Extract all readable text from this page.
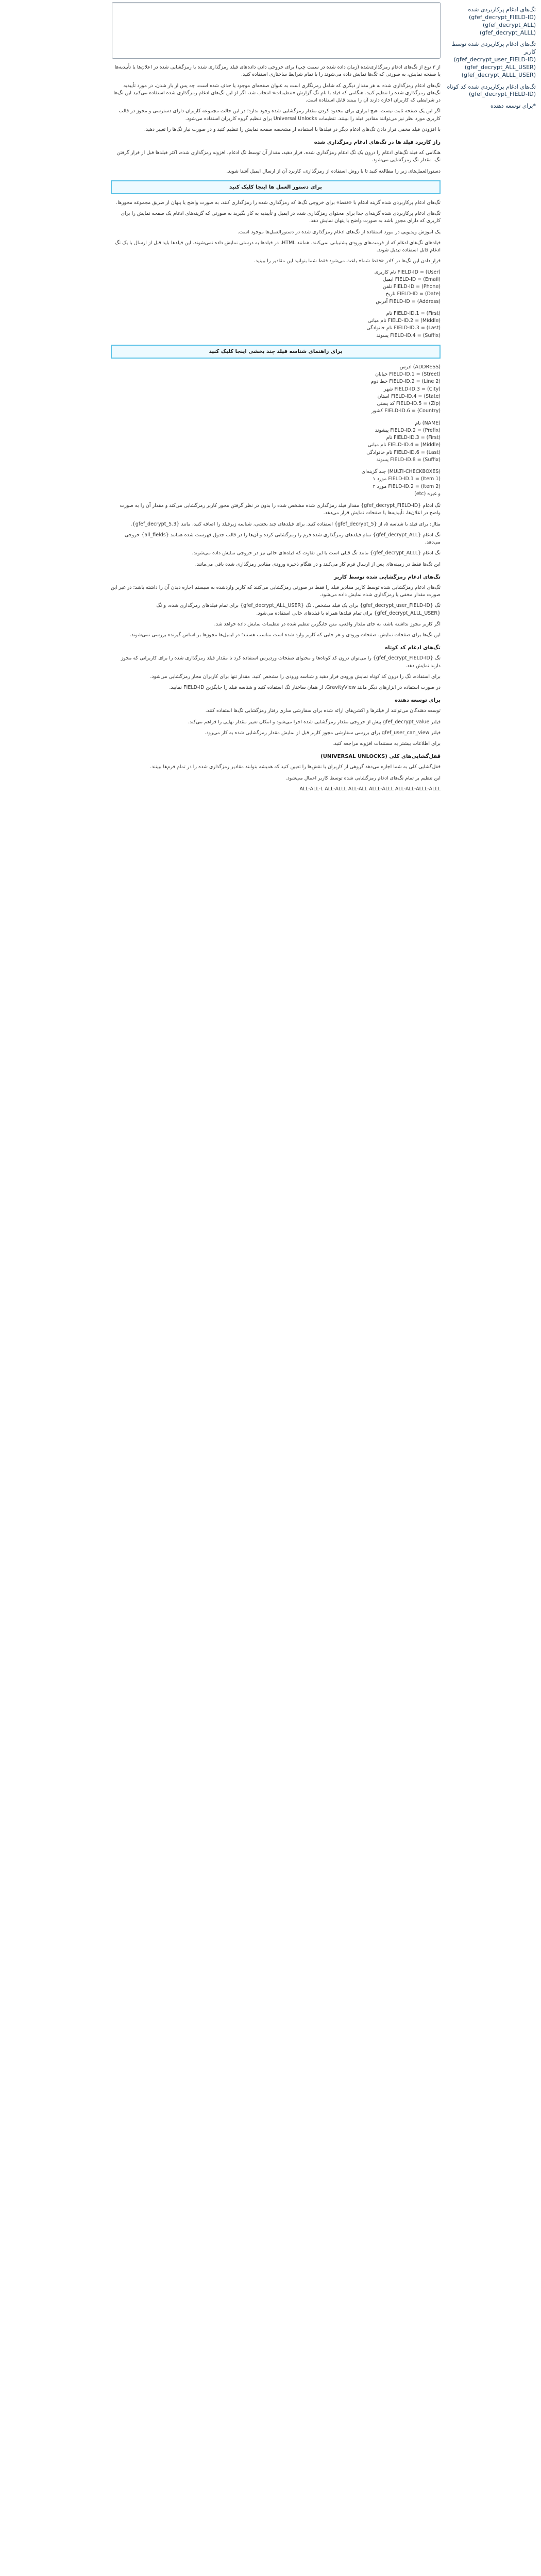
تگ‌های ادغام پرکاربردی شده
(gfef_decrypt_FIELD-ID) (gfef_decrypt_ALL) (gfef_decrypt_ALLL)
تگ‌های ادغام پرکاربردی شده توسط کاربر
(gfef_decrypt_user_FIELD-ID) (gfef_decrypt_ALL_USER) (gfef_decrypt_ALLL_USER)
تگ‌های ادغام پرکاربردی شده کد کوتاه
(gfef_decrypt_FIELD-ID)
*برای توسعه دهنده

از ۳ نوع از تگ‌های ادغام رمزگذاری‌شده (زمان داده شده در سمت چپ) برای خروجی دادن داده‌های فیلد رمزگذاری شده یا رمزگشایی شده در اعلان‌ها یا تأییدیه‌ها یا صفحه نمایش، به صورتی که تگ‌ها نمایش داده می‌شوند را با تمام شرایط ساختاری استفاده کنید.

تگ‌های ادغام رمزگذاری شده به هر مقدار دیگری که شامل رمزنگاری است به عنوان صفحه‌ای موجود یا حذف شده است، چه پس از باز شدن، در مورد تأییدیه تگ‌های رمزگذاری شده را تنظیم کنید. هنگامی که فیلد با نام تگ گزارش «تنظیمات» انتخاب شد، اگر از این تگ‌های ادغام رمزگذاری شده استفاده می‌کنید این تگ‌ها در شرایطی که کاربران اجازه دارند آن را ببینند قابل استفاده است.

اگر این یک صفحه ثابت نیست، هیچ ابزاری برای محدود کردن مقدار رمزگشایی شده وجود ندارد؛ در این حالت مجموعه کاربران دارای دسترسی و مجوز در قالب کاربری مورد نظر نیز می‌توانند مقادیر فیلد را ببینند. تنظیمات Universal Unlocks برای تنظیم گروه کاربران استفاده می‌شود.

با افزودن فیلد مخفی قرار دادن تگ‌های ادغام دیگر در فیلدها با استفاده از مشخصه صفحه نمایش را تنظیم کنید و در صورت نیاز تگ‌ها را تغییر دهید.

راز کاربرد فیلد ها در تگ‌های ادغام رمزگذاری شده

هنگامی که فیلد تگ‌های ادغام را درون یک تگ ادغام رمزگذاری شده، قرار دهید، مقدار آن توسط تگ ادغام، افزونه رمزگذاری شده، اکثر فیلدها قبل از قرار گرفتن تگ، مقدار تگ رمزگشایی می‌شود.

دستورالعمل‌های زیر را مطالعه کنید تا با روش استفاده از رمزگذاری، کاربرد آن از ارسال ایمیل آشنا شوید.

برای دستور العمل ها اینجا کلیک کنید

تگ‌های ادغام پرکاربردی شده گزینه ادغام با «فقط» برای خروجی تگ‌ها که رمزگذاری شده را رمزگذاری کنند، به صورت واضح یا پنهان از طریق مجموعه مجوزها.

تگ‌های ادغام پرکاربردی شده گزینه‌ای جدا برای محتوای رمزگذاری شده در ایمیل و تأییدیه به کار بگیرید به صورتی که گزینه‌های ادغام یک صفحه نمایش را برای کاربری که دارای مجوز باشد به صورت واضح یا پنهان نمایش دهد.

یک آموزش ویدیویی در مورد استفاده از تگ‌های ادغام رمزگذاری شده در دستورالعمل‌ها موجود است.

فیلدهای تگ‌های ادغام که از فرمت‌های ورودی پشتیبانی نمی‌کنند، همانند HTML، در فیلدها به درستی نمایش داده نمی‌شوند. این فیلدها باید قبل از ارسال با یک تگ ادغام قابل استفاده تبدیل شوند.

قرار دادن این تگ‌ها در کادر «فقط شما» باعث می‌شود فقط شما بتوانید این مقادیر را ببینید.

FIELD-ID = (User) نام کاربری

FIELD-ID = (Email) ایمیل

FIELD-ID = (Phone) تلفن

FIELD-ID = (Date) تاریخ

FIELD-ID = (Address) آدرس

FIELD-ID.1 = (First) نام

FIELD-ID.2 = (Middle) نام میانی

FIELD-ID.3 = (Last) نام خانوادگی

FIELD-ID.4 = (Suffix) پسوند

برای راهنمای شناسه فیلد چند بخشی اینجا کلیک کنید

(ADDRESS) آدرس

FIELD-ID.1 = (Street) خیابان

FIELD-ID.2 = (Line 2) خط دوم

FIELD-ID.3 = (City) شهر

FIELD-ID.4 = (State) استان

FIELD-ID.5 = (Zip) کد پستی

FIELD-ID.6 = (Country) کشور

(NAME) نام

FIELD-ID.2 = (Prefix) پیشوند

FIELD-ID.3 = (First) نام

FIELD-ID.4 = (Middle) نام میانی

FIELD-ID.6 = (Last) نام خانوادگی

FIELD-ID.8 = (Suffix) پسوند

(MULTI-CHECKBOXES) چند گزینه‌ای

FIELD-ID.1 = (Item 1) مورد ۱

FIELD-ID.2 = (Item 2) مورد ۲

و غیره (etc)

تگ ادغام {gfef_decrypt_FIELD-ID} مقدار فیلد رمزگذاری شده مشخص شده را بدون در نظر گرفتن مجوز کاربر رمزگشایی می‌کند و مقدار آن را به صورت واضح در اعلان‌ها، تأییدیه‌ها یا صفحات نمایش قرار می‌دهد.

مثال: برای فیلد با شناسه ۵، از {gfef_decrypt_5} استفاده کنید. برای فیلدهای چند بخشی، شناسه زیرفیلد را اضافه کنید، مانند {gfef_decrypt_5.3}.

تگ ادغام {gfef_decrypt_ALL} تمام فیلدهای رمزگذاری شده فرم را رمزگشایی کرده و آن‌ها را در قالب جدول فهرست شده همانند {all_fields} خروجی می‌دهد.

تگ ادغام {gfef_decrypt_ALLL} مانند تگ قبلی است با این تفاوت که فیلدهای خالی نیز در خروجی نمایش داده می‌شوند.

این تگ‌ها فقط در زمینه‌های پس از ارسال فرم کار می‌کنند و در هنگام ذخیره ورودی مقادیر رمزگذاری شده باقی می‌مانند.

تگ‌های ادغام رمزگشایی شده توسط کاربر

تگ‌های ادغام رمزگشایی شده توسط کاربر مقادیر فیلد را فقط در صورتی رمزگشایی می‌کنند که کاربر واردشده به سیستم اجازه دیدن آن را داشته باشد؛ در غیر این صورت مقدار مخفی یا رمزگذاری شده نمایش داده می‌شود.

تگ {gfef_decrypt_user_FIELD-ID} برای یک فیلد مشخص، تگ {gfef_decrypt_ALL_USER} برای تمام فیلدهای رمزگذاری شده، و تگ {gfef_decrypt_ALLL_USER} برای تمام فیلدها همراه با فیلدهای خالی استفاده می‌شود.

اگر کاربر مجوز نداشته باشد، به جای مقدار واقعی، متن جایگزین تنظیم شده در تنظیمات نمایش داده خواهد شد.

این تگ‌ها برای صفحات نمایش، صفحات ورودی و هر جایی که کاربر وارد شده است مناسب هستند؛ در ایمیل‌ها مجوزها بر اساس گیرنده بررسی نمی‌شوند.

تگ‌های ادغام کد کوتاه

تگ {gfef_decrypt_FIELD-ID} را می‌توان درون کد کوتاه‌ها و محتوای صفحات وردپرس استفاده کرد تا مقدار فیلد رمزگذاری شده را برای کاربرانی که مجوز دارند نمایش دهد.

برای استفاده، تگ را درون کد کوتاه نمایش ورودی قرار دهید و شناسه ورودی را مشخص کنید. مقدار تنها برای کاربران مجاز رمزگشایی می‌شود.

در صورت استفاده در ابزارهای دیگر مانند GravityView، از همان ساختار تگ استفاده کنید و شناسه فیلد را جایگزین FIELD-ID نمایید.

برای توسعه دهنده

توسعه دهندگان می‌توانند از فیلترها و اکشن‌های ارائه شده برای سفارشی سازی رفتار رمزگشایی تگ‌ها استفاده کنند.

فیلتر gfef_decrypt_value پیش از خروجی مقدار رمزگشایی شده اجرا می‌شود و امکان تغییر مقدار نهایی را فراهم می‌کند.

فیلتر gfef_user_can_view برای بررسی سفارشی مجوز کاربر قبل از نمایش مقدار رمزگشایی شده به کار می‌رود.

برای اطلاعات بیشتر به مستندات افزونه مراجعه کنید.

قفل‌گشایی‌های کلی (UNIVERSAL UNLOCKS)

قفل‌گشایی کلی به شما اجازه می‌دهد گروهی از کاربران یا نقش‌ها را تعیین کنید که همیشه بتوانند مقادیر رمزگذاری شده را در تمام فرم‌ها ببینند.

این تنظیم بر تمام تگ‌های ادغام رمزگشایی شده توسط کاربر اعمال می‌شود.

ALL-ALL-L ALL-ALLL ALL-ALL ALLL-ALLL ALL-ALL-ALLL-ALLL
